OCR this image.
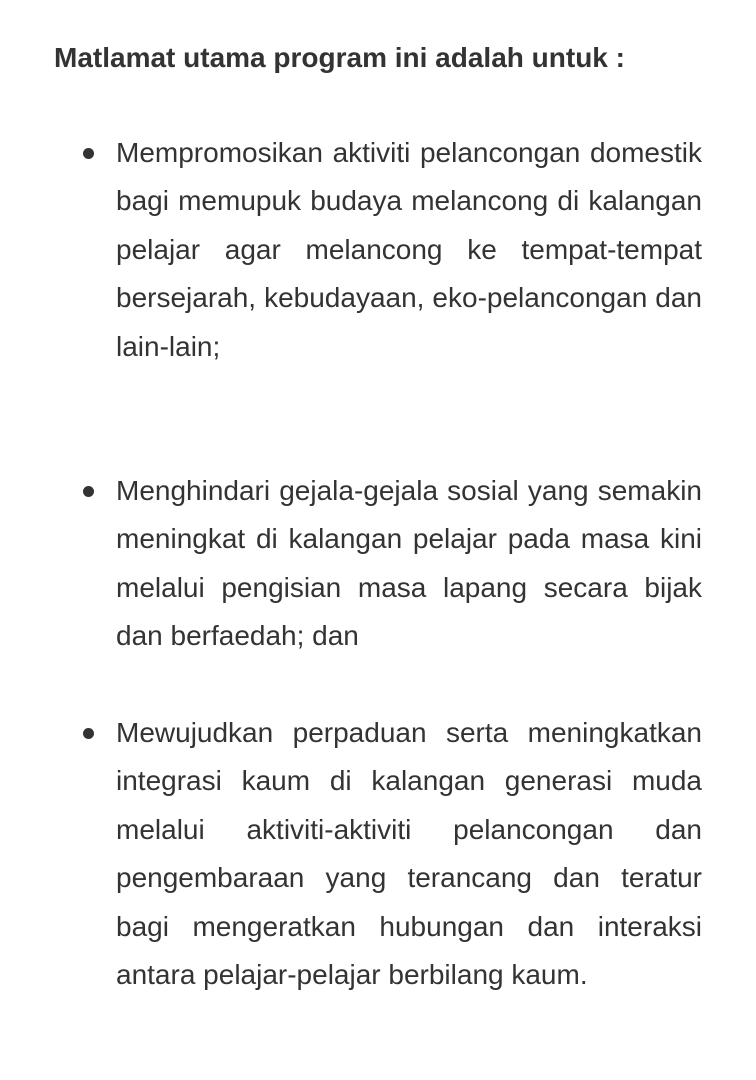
Matlamat utama program ini adalah untuk :

Mempromosikan aktiviti pelancongan domestik bagi memupuk budaya melancong di kalangan pelajar agar melancong ke tempat-tempat bersejarah, kebudayaan, eko-pelancongan dan lain-lain;
Menghindari gejala-gejala sosial yang semakin meningkat di kalangan pelajar pada masa kini melalui pengisian masa lapang secara bijak dan berfaedah; dan
Mewujudkan perpaduan serta meningkatkan integrasi kaum di kalangan generasi muda melalui aktiviti-aktiviti pelancongan dan pengembaraan yang terancang dan teratur bagi mengeratkan hubungan dan interaksi antara pelajar-pelajar berbilang kaum.
